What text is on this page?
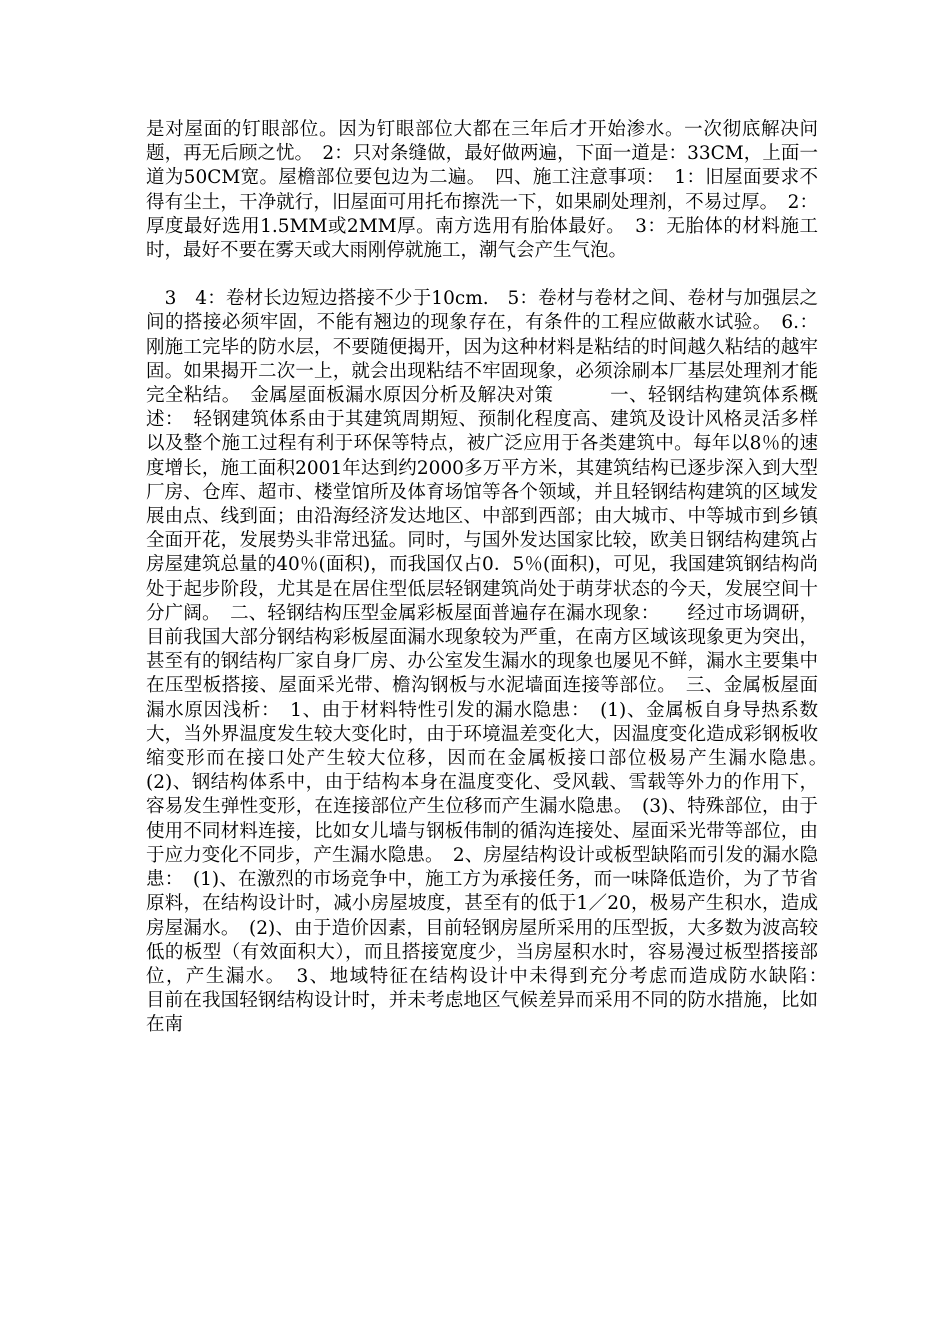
是对屋面的钉眼部位。因为钉眼部位大都在三年后才开始渗水。一次彻底解决问题，再无后顾之忧。　2：只对条缝做，最好做两遍，下面一道是：33CM，上面一道为50CM宽。屋檐部位要包边为二遍。　四、施工注意事项：　1：旧屋面要求不得有尘土，干净就行，旧屋面可用托布擦洗一下，如果刷处理剂，不易过厚。　2：厚度最好选用1.5MM或2MM厚。南方选用有胎体最好。　3：无胎体的材料施工时，最好不要在雾天或大雨刚停就施工，潮气会产生气泡。

　3　4：卷材长边短边搭接不少于10cm.　5：卷材与卷材之间、卷材与加强层之间的搭接必须牢固，不能有翘边的现象存在，有条件的工程应做蔽水试验。　6.：刚施工完毕的防水层，不要随便揭开，因为这种材料是粘结的时间越久粘结的越牢固。如果揭开二次一上，就会出现粘结不牢固现象，必须涂刷本厂基层处理剂才能完全粘结。　金属屋面板漏水原因分析及解决对策　　　一、轻钢结构建筑体系概述：　轻钢建筑体系由于其建筑周期短、预制化程度高、建筑及设计风格灵活多样以及整个施工过程有利于环保等特点，被广泛应用于各类建筑中。每年以8％的速度增长，施工面积2001年达到约2000多万平方米，其建筑结构已逐步深入到大型厂房、仓库、超市、楼堂馆所及体育场馆等各个领域，并且轻钢结构建筑的区域发展由点、线到面；由沿海经济发达地区、中部到西部；由大城市、中等城市到乡镇全面开花，发展势头非常迅猛。同时，与国外发达国家比较，欧美日钢结构建筑占房屋建筑总量的40％(面积)，而我国仅占0．5％(面积)，可见，我国建筑钢结构尚处于起步阶段，尤其是在居住型低层轻钢建筑尚处于萌芽状态的今天，发展空间十分广阔。　二、轻钢结构压型金属彩板屋面普遍存在漏水现象：　　经过市场调研，目前我国大部分钢结构彩板屋面漏水现象较为严重，在南方区域该现象更为突出，甚至有的钢结构厂家自身厂房、办公室发生漏水的现象也屡见不鲜，漏水主要集中在压型板搭接、屋面采光带、檐沟钢板与水泥墙面连接等部位。　三、金属板屋面漏水原因浅析：　1、由于材料特性引发的漏水隐患：　(1)、金属板自身导热系数大，当外界温度发生较大变化时，由于环境温差变化大，因温度变化造成彩钢板收缩变形而在接口处产生较大位移，因而在金属板接口部位极易产生漏水隐患。　(2)、钢结构体系中，由于结构本身在温度变化、受风载、雪载等外力的作用下，容易发生弹性变形，在连接部位产生位移而产生漏水隐患。　(3)、特殊部位，由于使用不同材料连接，比如女儿墙与钢板伟制的循沟连接处、屋面采光带等部位，由于应力变化不同步，产生漏水隐患。　2、房屋结构设计或板型缺陷而引发的漏水隐患：　(1)、在激烈的市场竞争中，施工方为承接任务，而一味降低造价，为了节省原料，在结构设计时，减小房屋坡度，甚至有的低于1／20，极易产生积水，造成房屋漏水。　(2)、由于造价因素，目前轻钢房屋所采用的压型扳，大多数为波高较低的板型（有效面积大），而且搭接宽度少，当房屋积水时，容易漫过板型搭接部位，产生漏水。　3、地域特征在结构设计中未得到充分考虑而造成防水缺陷：　　目前在我国轻钢结构设计时，并未考虑地区气候差异而采用不同的防水措施，比如在南
